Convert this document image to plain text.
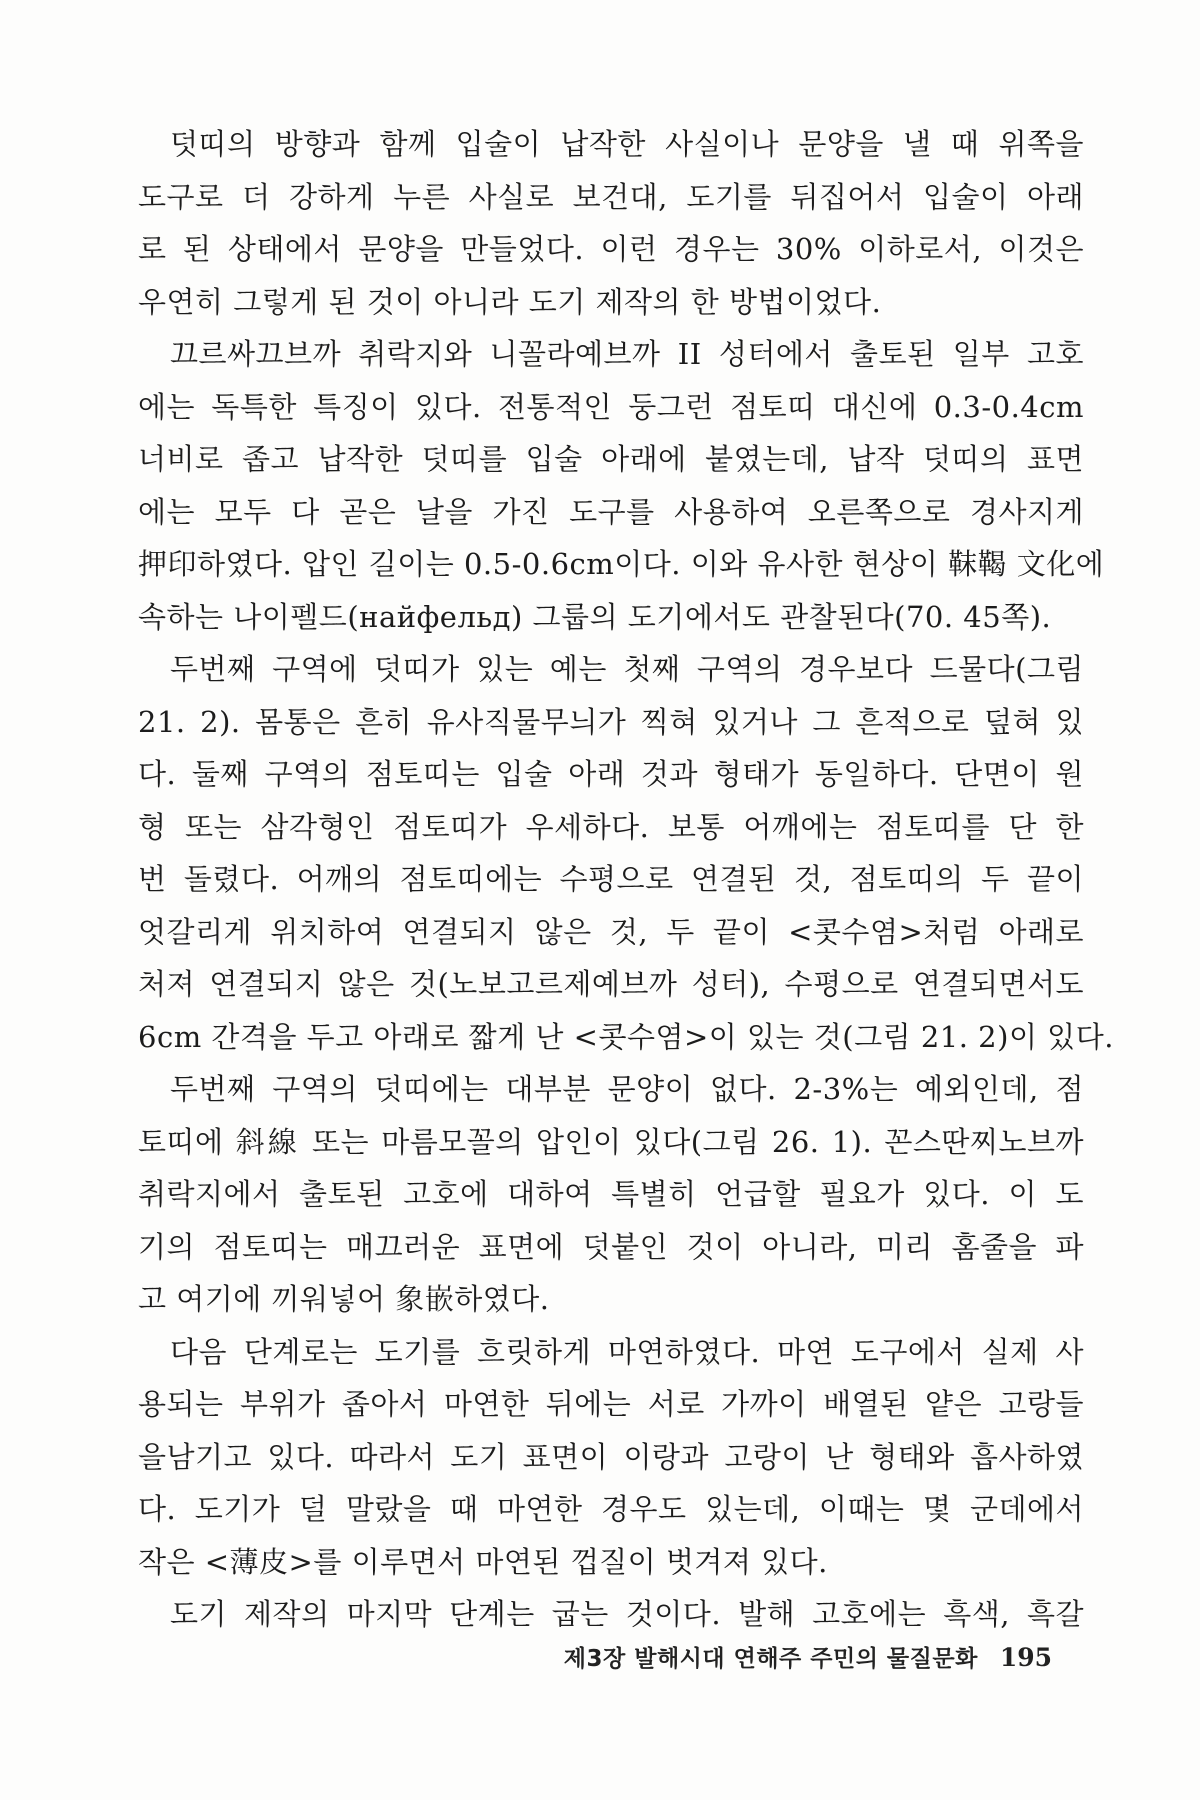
덧띠의 방향과 함께 입술이 납작한 사실이나 문양을 낼 때 위쪽을
도구로 더 강하게 누른 사실로 보건대, 도기를 뒤집어서 입술이 아래
로 된 상태에서 문양을 만들었다. 이런 경우는 30% 이하로서, 이것은
우연히 그렇게 된 것이 아니라 도기 제작의 한 방법이었다.
끄르싸끄브까 취락지와 니꼴라예브까 II 성터에서 출토된 일부 고호
에는 독특한 특징이 있다. 전통적인 둥그런 점토띠 대신에 0.3-0.4cm
너비로 좁고 납작한 덧띠를 입술 아래에 붙였는데, 납작 덧띠의 표면
에는 모두 다 곧은 날을 가진 도구를 사용하여 오른쪽으로 경사지게
押印하였다. 압인 길이는 0.5-0.6cm이다. 이와 유사한 현상이 靺鞨 文化에
속하는 나이펠드(найфельд) 그룹의 도기에서도 관찰된다(70. 45쪽).
두번째 구역에 덧띠가 있는 예는 첫째 구역의 경우보다 드물다(그림
21. 2). 몸통은 흔히 유사직물무늬가 찍혀 있거나 그 흔적으로 덮혀 있
다. 둘째 구역의 점토띠는 입술 아래 것과 형태가 동일하다. 단면이 원
형 또는 삼각형인 점토띠가 우세하다. 보통 어깨에는 점토띠를 단 한
번 돌렸다. 어깨의 점토띠에는 수평으로 연결된 것, 점토띠의 두 끝이
엇갈리게 위치하여 연결되지 않은 것, 두 끝이 <콧수염>처럼 아래로
처져 연결되지 않은 것(노보고르제예브까 성터), 수평으로 연결되면서도
6cm 간격을 두고 아래로 짧게 난 <콧수염>이 있는 것(그림 21. 2)이 있다.
두번째 구역의 덧띠에는 대부분 문양이 없다. 2-3%는 예외인데, 점
토띠에 斜線 또는 마름모꼴의 압인이 있다(그림 26. 1). 꼰스딴찌노브까
취락지에서 출토된 고호에 대하여 특별히 언급할 필요가 있다. 이 도
기의 점토띠는 매끄러운 표면에 덧붙인 것이 아니라, 미리 홈줄을 파
고 여기에 끼워넣어 象嵌하였다.
다음 단계로는 도기를 흐릿하게 마연하였다. 마연 도구에서 실제 사
용되는 부위가 좁아서 마연한 뒤에는 서로 가까이 배열된 얕은 고랑들
을남기고 있다. 따라서 도기 표면이 이랑과 고랑이 난 형태와 흡사하였
다. 도기가 덜 말랐을 때 마연한 경우도 있는데, 이때는 몇 군데에서
작은 <薄皮>를 이루면서 마연된 껍질이 벗겨져 있다.
도기 제작의 마지막 단계는 굽는 것이다. 발해 고호에는 흑색, 흑갈
제3장 발해시대 연해주 주민의 물질문화 195
